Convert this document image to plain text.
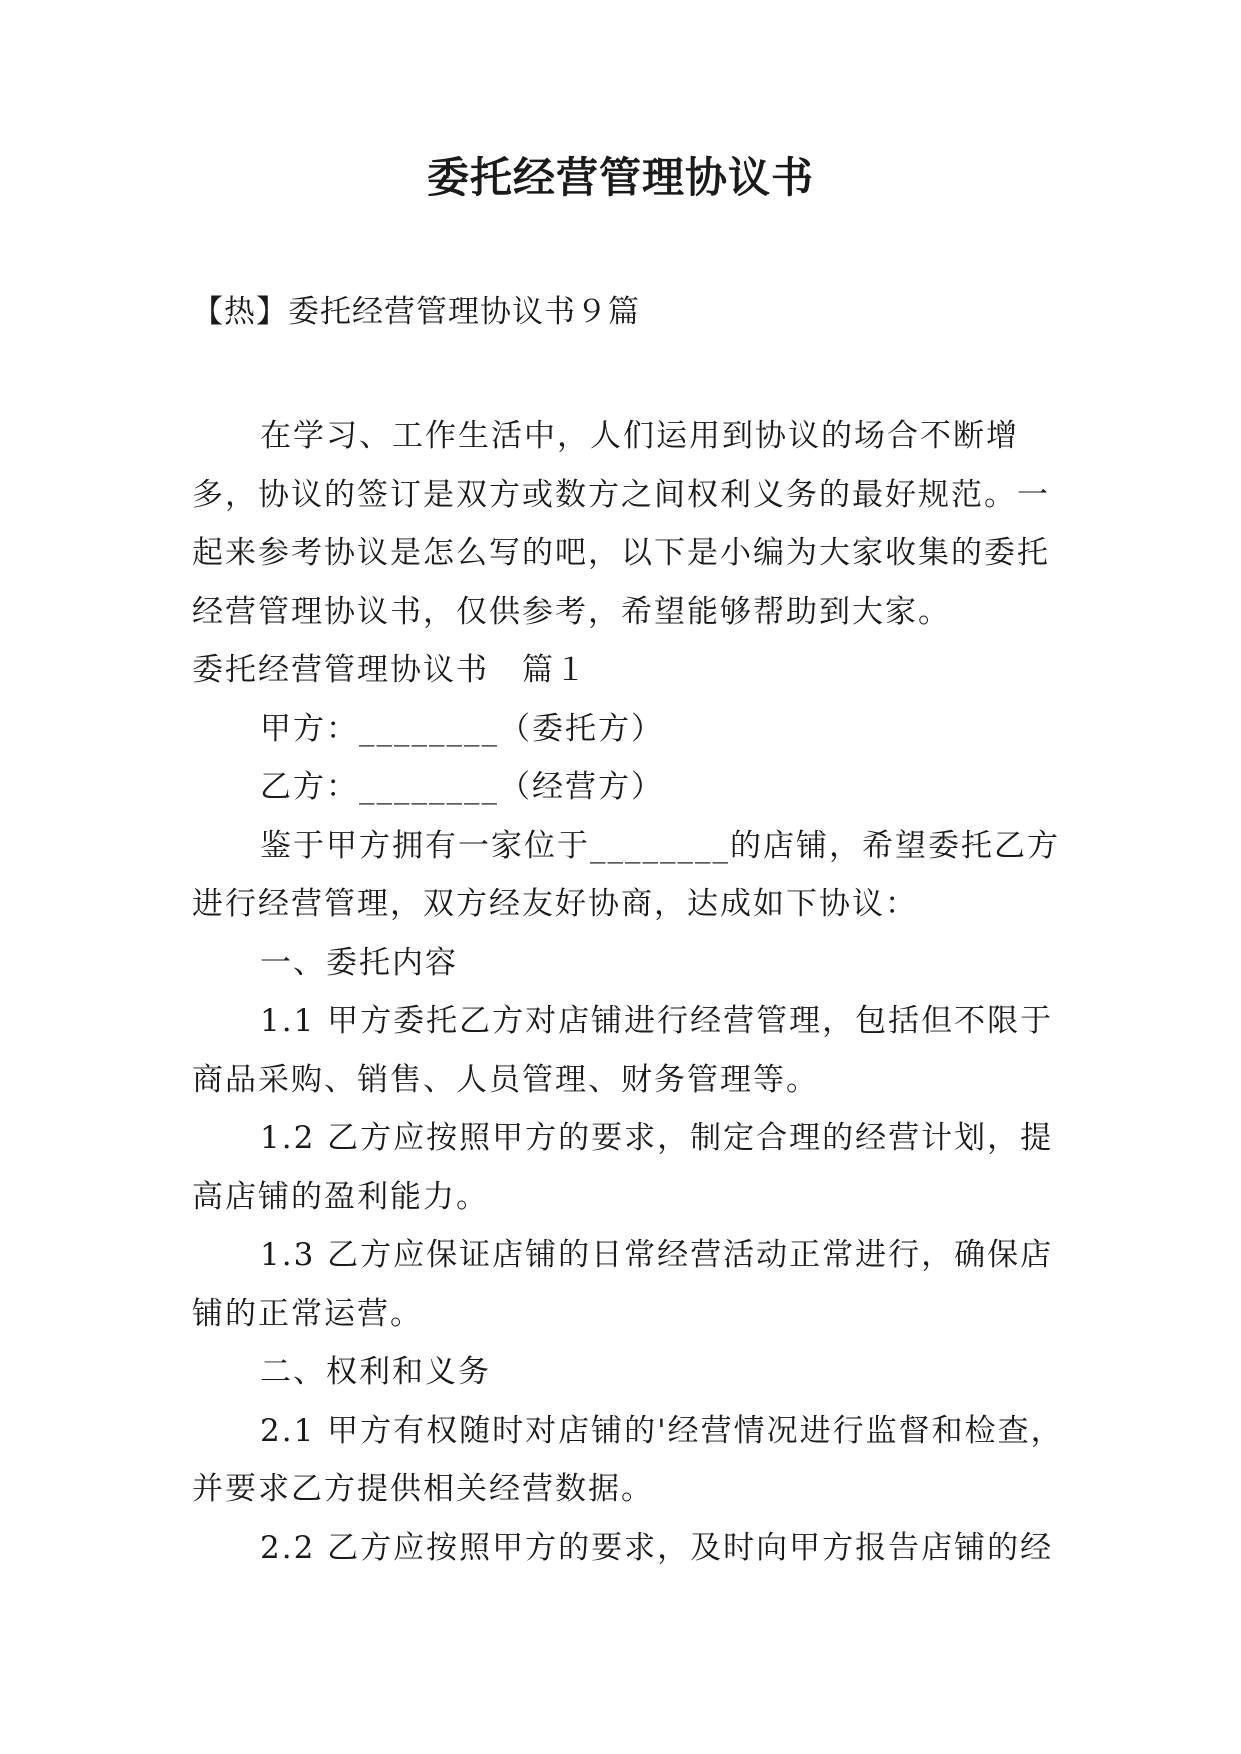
委托经营管理协议书
【热】委托经营管理协议书９篇

在学习、工作生活中，人们运用到协议的场合不断增多，协议的签订是双方或数方之间权利义务的最好规范。一起来参考协议是怎么写的吧，以下是小编为大家收集的委托经营管理协议书，仅供参考，希望能够帮助到大家。

委托经营管理协议书　篇１

甲方：________（委托方）

乙方：________（经营方）

鉴于甲方拥有一家位于________的店铺，希望委托乙方进行经营管理，双方经友好协商，达成如下协议：

一、委托内容

1.1 甲方委托乙方对店铺进行经营管理，包括但不限于商品采购、销售、人员管理、财务管理等。

1.2 乙方应按照甲方的要求，制定合理的经营计划，提高店铺的盈利能力。

1.3 乙方应保证店铺的日常经营活动正常进行，确保店铺的正常运营。

二、权利和义务

2.1 甲方有权随时对店铺的'经营情况进行监督和检查，并要求乙方提供相关经营数据。

2.2 乙方应按照甲方的要求，及时向甲方报告店铺的经
